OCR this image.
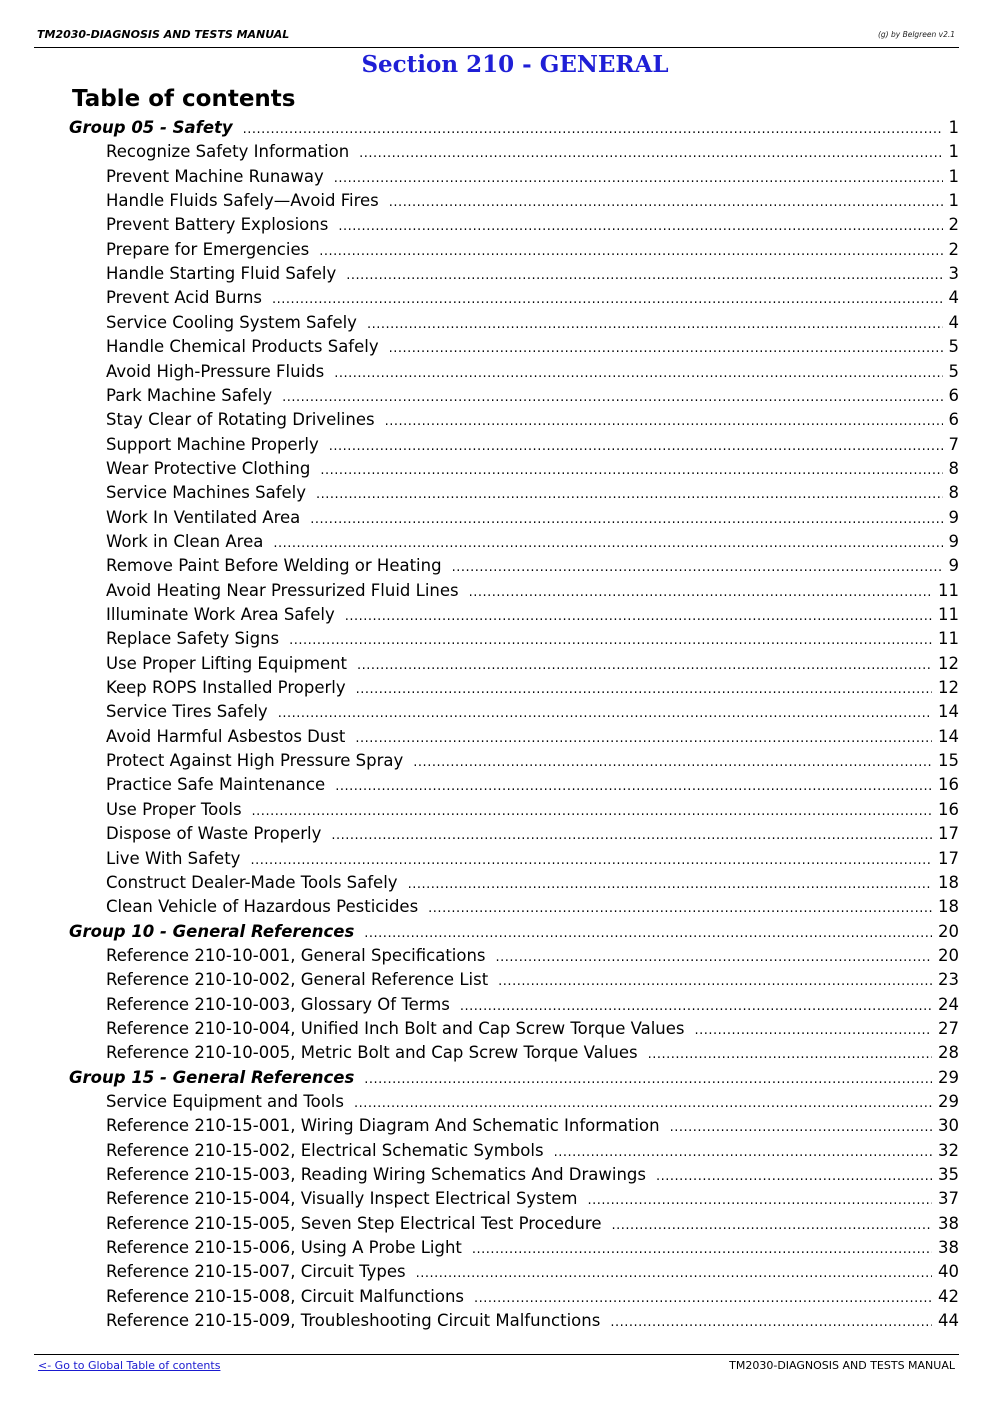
TM2030-DIAGNOSIS AND TESTS MANUAL	(g) by Belgreen v2.1
Section 210 - GENERAL
Table of contents
Group 05 - Safety .....	1
Recognize Safety Information .....	1
Prevent Machine Runaway .....	1
Handle Fluids Safely—Avoid Fires .....	1
Prevent Battery Explosions .....	2
Prepare for Emergencies .....	2
Handle Starting Fluid Safely .....	3
Prevent Acid Burns .....	4
Service Cooling System Safely .....	4
Handle Chemical Products Safely .....	5
Avoid High-Pressure Fluids .....	5
Park Machine Safely .....	6
Stay Clear of Rotating Drivelines .....	6
Support Machine Properly .....	7
Wear Protective Clothing .....	8
Service Machines Safely .....	8
Work In Ventilated Area .....	9
Work in Clean Area .....	9
Remove Paint Before Welding or Heating .....	9
Avoid Heating Near Pressurized Fluid Lines .....	11
Illuminate Work Area Safely .....	11
Replace Safety Signs .....	11
Use Proper Lifting Equipment .....	12
Keep ROPS Installed Properly .....	12
Service Tires Safely .....	14
Avoid Harmful Asbestos Dust .....	14
Protect Against High Pressure Spray .....	15
Practice Safe Maintenance .....	16
Use Proper Tools .....	16
Dispose of Waste Properly .....	17
Live With Safety .....	17
Construct Dealer-Made Tools Safely .....	18
Clean Vehicle of Hazardous Pesticides .....	18
Group 10 - General References .....	20
Reference 210-10-001, General Specifications .....	20
Reference 210-10-002, General Reference List .....	23
Reference 210-10-003, Glossary Of Terms .....	24
Reference 210-10-004, Unified Inch Bolt and Cap Screw Torque Values .....	27
Reference 210-10-005, Metric Bolt and Cap Screw Torque Values .....	28
Group 15 - General References .....	29
Service Equipment and Tools .....	29
Reference 210-15-001, Wiring Diagram And Schematic Information .....	30
Reference 210-15-002, Electrical Schematic Symbols .....	32
Reference 210-15-003, Reading Wiring Schematics And Drawings .....	35
Reference 210-15-004, Visually Inspect Electrical System .....	37
Reference 210-15-005, Seven Step Electrical Test Procedure .....	38
Reference 210-15-006, Using A Probe Light .....	38
Reference 210-15-007, Circuit Types .....	40
Reference 210-15-008, Circuit Malfunctions .....	42
Reference 210-15-009, Troubleshooting Circuit Malfunctions .....	44
<- Go to Global Table of contents	TM2030-DIAGNOSIS AND TESTS MANUAL
